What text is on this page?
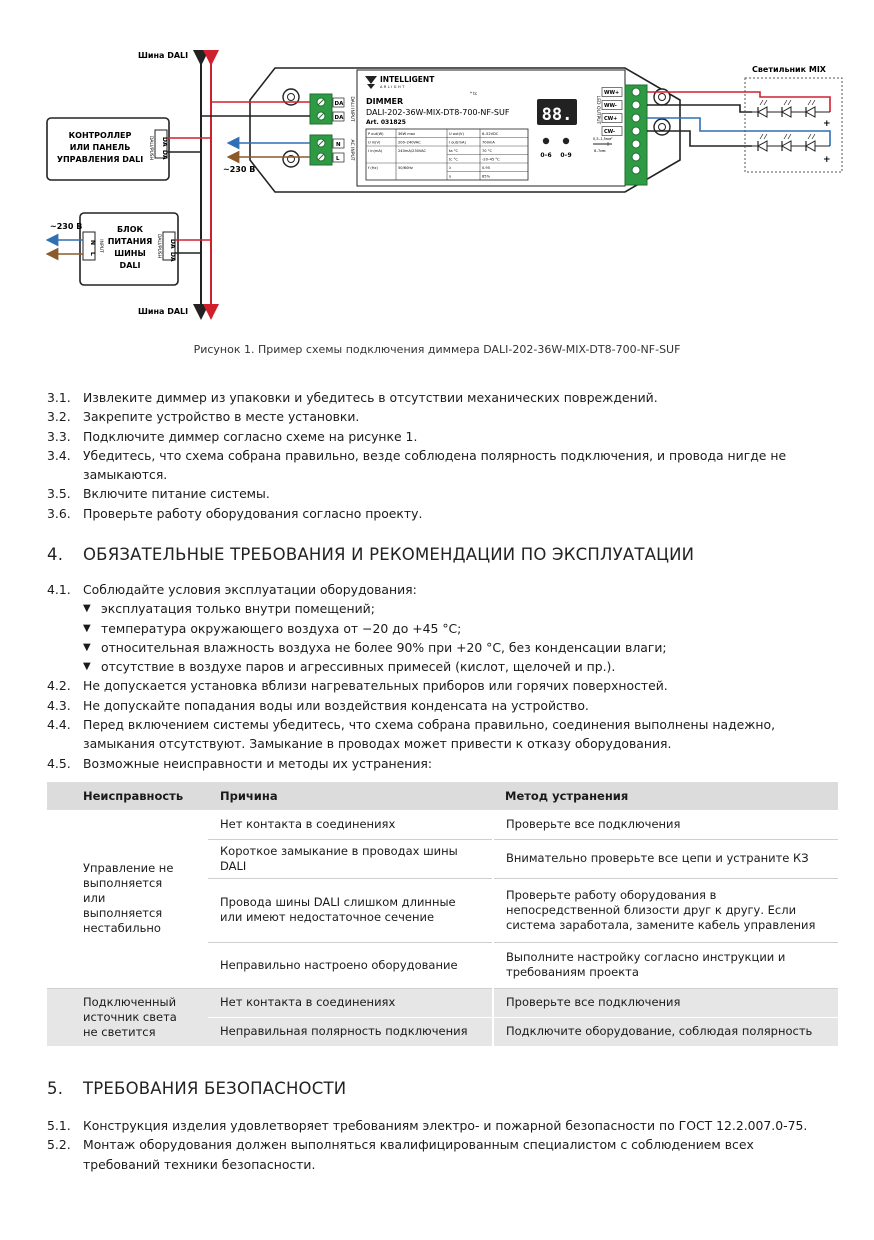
Шина DALI
Шина DALI
КОНТРОЛЛЕР
ИЛИ ПАНЕЛЬ
УПРАВЛЕНИЯ DALI DALI/PUSH DA
DA
БЛОК
ПИТАНИЯ
ШИНЫ
DALI
N
L
INPUT	DA
DA
DALI/PUSH
~230 В
INTELLIGENT
ARLIGHT
DIMMER
DALI-202-36W-MIX-DT8-700-NF-SUF
Art. 031825
* tc
P out(W)	36W max	U out(V)	6–52VDC
U in(V)	200–240VAC	I out(mA)	700mA
I in(mA)	240mA/230VAC	ta °C	70 °C
tc °C	-20–45 °C
f (Hz)	50/60Hz	λ	0.95
η	85%
88.
0–6 0–9
0,5–1,5мм²
6–7мм
DA
DA DALI INPUT
N
L AC INPUT
LED OUTPUT
WW+
WW-
CW+
CW-
~230 В
Светильник MIX
+
+
Рисунок 1. Пример схемы подключения диммера DALI-202-36W-MIX-DT8-700-NF-SUF
3.1. Извлеките диммер из упаковки и убедитесь в отсутствии механических повреждений.
3.2. Закрепите устройство в месте установки.
3.3. Подключите диммер согласно схеме на рисунке 1.
3.4. Убедитесь, что схема собрана правильно, везде соблюдена полярность подключения, и провода нигде не замыкаются.
3.5. Включите питание системы.
3.6. Проверьте работу оборудования согласно проекту.
4. ОБЯЗАТЕЛЬНЫЕ ТРЕБОВАНИЯ И РЕКОМЕНДАЦИИ ПО ЭКСПЛУАТАЦИИ
4.1. Соблюдайте условия эксплуатации оборудования:
▼ эксплуатация только внутри помещений;
▼ температура окружающего воздуха от −20 до +45 °C;
▼ относительная влажность воздуха не более 90% при +20 °C, без конденсации влаги;
▼ отсутствие в воздухе паров и агрессивных примесей (кислот, щелочей и пр.).
4.2. Не допускается установка вблизи нагревательных приборов или горячих поверхностей.
4.3. Не допускайте попадания воды или воздействия конденсата на устройство.
4.4. Перед включением системы убедитесь, что схема собрана правильно, соединения выполнены надежно, замыкания отсутствуют. Замыкание в проводах может привести к отказу оборудования.
4.5. Возможные неисправности и методы их устранения:
Неисправность	Причина	Метод устранения
Управление не выполняется или выполняется нестабильно	Нет контакта в соединениях	Проверьте все подключения
	Короткое замыкание в проводах шины DALI	Внимательно проверьте все цепи и устраните КЗ
	Провода шины DALI слишком длинные или имеют недостаточное сечение	Проверьте работу оборудования в непосредственной близости друг к другу. Если система заработала, замените кабель управления
	Неправильно настроено оборудование	Выполните настройку согласно инструкции и требованиям проекта
Подключенный источник света не светится	Нет контакта в соединениях	Проверьте все подключения
	Неправильная полярность подключения	Подключите оборудование, соблюдая полярность
5. ТРЕБОВАНИЯ БЕЗОПАСНОСТИ
5.1. Конструкция изделия удовлетворяет требованиям электро- и пожарной безопасности по ГОСТ 12.2.007.0-75.
5.2. Монтаж оборудования должен выполняться квалифицированным специалистом с соблюдением всех требований техники безопасности.
